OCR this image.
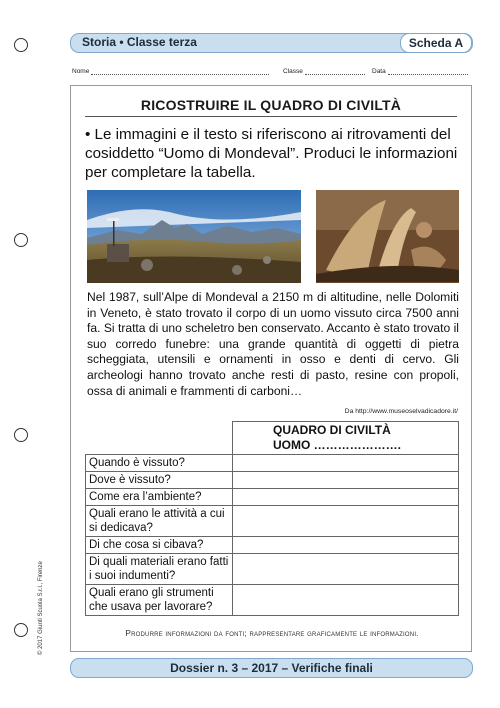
Storia • Classe terza	Scheda A
Nome	Classe	Data
RICOSTRUIRE IL QUADRO DI CIVILTÀ
• Le immagini e il testo si riferiscono ai ritrovamenti del cosiddetto “Uomo di Mondeval”. Produci le informazioni per completare la tabella.
Nel 1987, sull’Alpe di Mondeval a 2150 m di altitudine, nelle Dolomiti in Veneto, è stato trovato il corpo di un uomo vissuto circa 7500 anni fa. Si tratta di uno scheletro ben conservato. Accanto è stato trovato il suo corredo funebre: una grande quantità di oggetti di pietra scheggiata, utensili e ornamenti in osso e denti di cervo. Gli archeologi hanno trovato anche resti di pasto, resine con propoli, ossa di animali e frammenti di carboni…
Da http://www.museoselvadicadore.it/

	QUADRO DI CIVILTÀ
UOMO ………………….

Quando è vissuto?	
Dove è vissuto?	
Come era l’ambiente?	
Quali erano le attività a cui si dedicava?	
Di che cosa si cibava?	
Di quali materiali erano fatti i suoi indumenti?	
Quali erano gli strumenti che usava per lavorare?	
Produrre informazioni da fonti; rappresentare graficamente le informazioni.
© 2017 Giunti Scuola S.r.l., Firenze
Dossier n. 3 – 2017 – Verifiche finali
